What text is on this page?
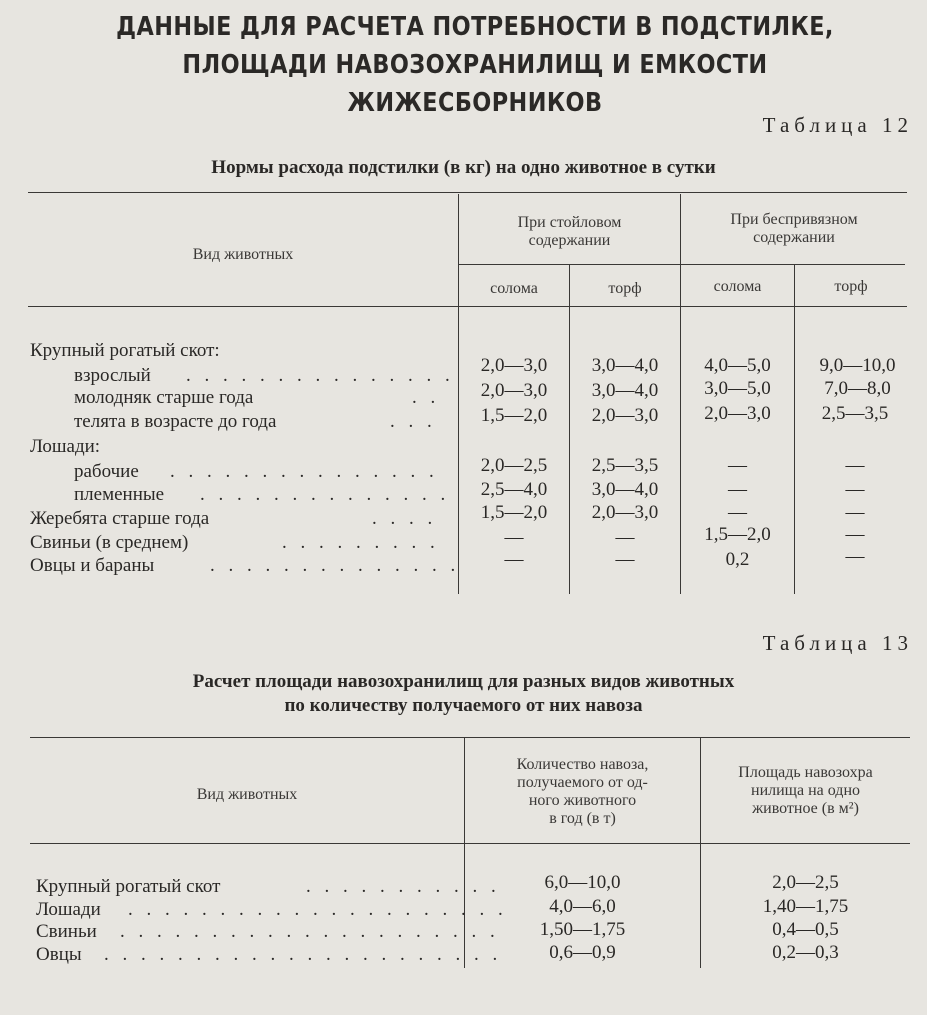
ДАННЫЕ ДЛЯ РАСЧЕТА ПОТРЕБНОСТИ В ПОДСТИЛКЕ,
ПЛОЩАДИ НАВОЗОХРАНИЛИЩ И ЕМКОСТИ ЖИЖЕСБОРНИКОВ
Таблица 12
Нормы расхода подстилки (в кг) на одно животное в сутки
Вид животных
При стойловом
содержании
При беспривязном
содержании
солома	торф	солома	торф
Крупный рогатый скот:
взрослый . . . . . . . . . . . . . . .	2,0—3,0	3,0—4,0	4,0—5,0	9,0—10,0
молодняк старше года	. .	2,0—3,0	3,0—4,0	3,0—5,0	7,0—8,0
телята в возрасте до года	. . .	1,5—2,0	2,0—3,0	2,0—3,0	2,5—3,5
Лошади:
рабочие . . . . . . . . . . . . . . .	2,0—2,5	2,5—3,5	—	—
племенные . . . . . . . . . . . . . .	2,5—4,0	3,0—4,0	—	—
Жеребята старше года	. . . .	1,5—2,0	2,0—3,0	—	—
Свиньи (в среднем)	. . . . . . . . .	—	—	1,5—2,0	—
Овцы и бараны	. . . . . . . . . . . . . .	—	—	0,2	—
Таблица 13
Расчет площади навозохранилищ для разных видов животных
по количеству получаемого от них навоза
Вид животных
Количество навоза,
получаемого от од-
ного животного
в год (в т)
Площадь навозохра
нилища на одно
животное (в м²)
Крупный рогатый скот	. . . . . . . . . . .	6,0—10,0	2,0—2,5
Лошади . . . . . . . . . . . . . . . . . . . . .	4,0—6,0	1,40—1,75
Свиньи . . . . . . . . . . . . . . . . . . . . .	1,50—1,75	0,4—0,5
Овцы . . . . . . . . . . . . . . . . . . . . . .	0,6—0,9	0,2—0,3
